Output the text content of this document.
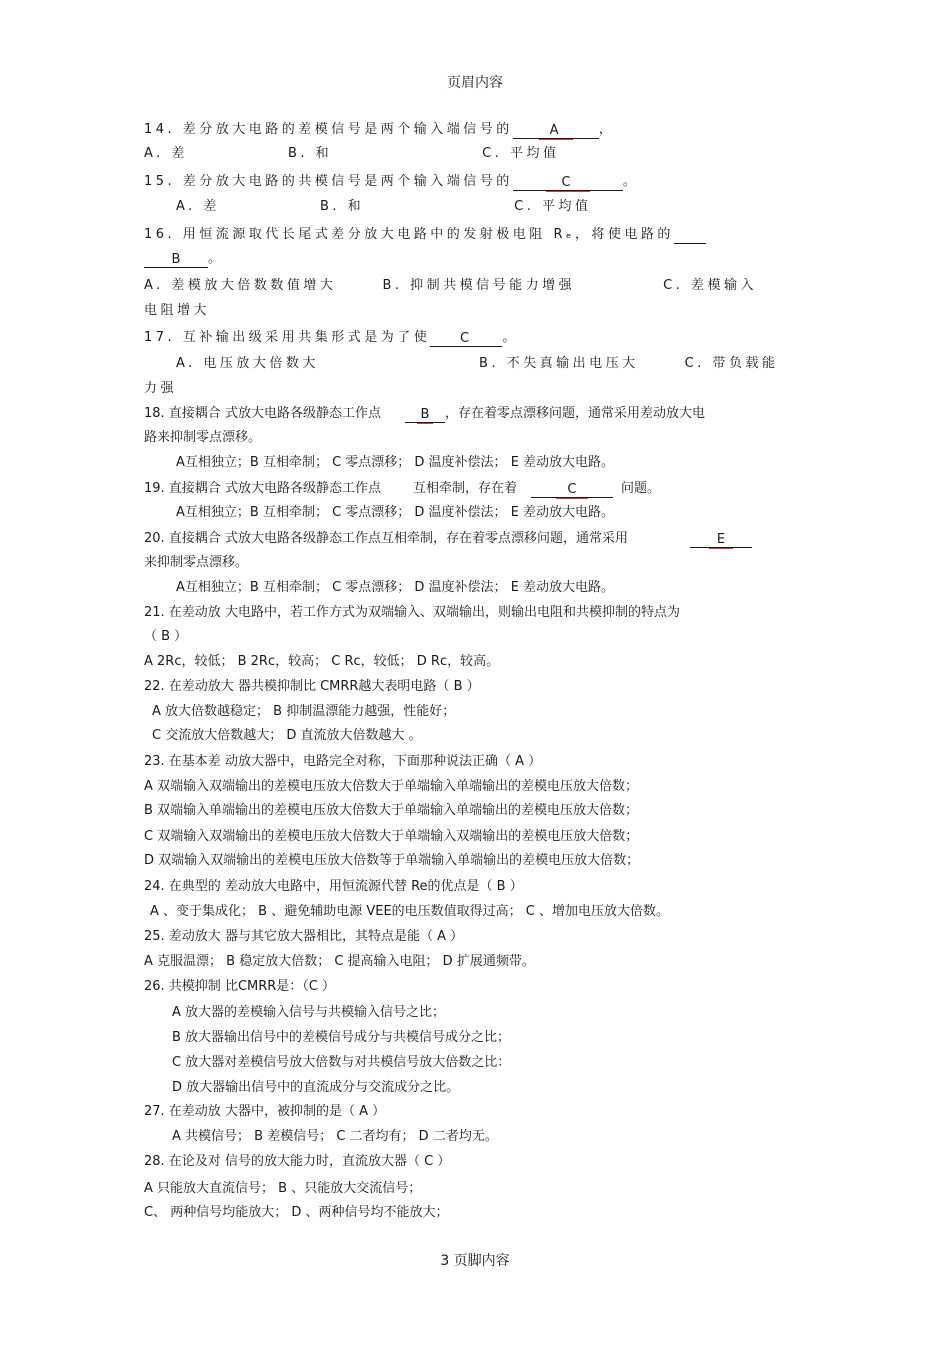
页眉内容
14. 差分放大电路的差模信号是两个输入端信号的	A	，
A. 差	B. 和	C. 平均值
15. 差分放大电路的共模信号是两个输入端信号的	C	。
A. 差	B. 和	C. 平均值
16. 用恒流源取代长尾式差分放大电路中的发射极电阻 Rₑ，将使电路的
B 。
A. 差模放大倍数数值增大	B. 抑制共模信号能力增强	C. 差模输入
电阻增大
17. 互补输出级采用共集形式是为了使 C 。
A. 电压放大倍数大	B. 不失真输出电压大	C. 带负载能
力强
18. 直接耦合 式放大电路各级静态工作点	B ，存在着零点漂移问题，通常采用差动放大电
路来抑制零点漂移。
A互相独立；B 互相牵制； C 零点漂移； D 温度补偿法； E 差动放大电路。
19. 直接耦合 式放大电路各级静态工作点 互相牵制，存在着	C	问题。
A互相独立；B 互相牵制； C 零点漂移； D 温度补偿法； E 差动放大电路。
20. 直接耦合 式放大电路各级静态工作点互相牵制，存在着零点漂移问题，通常采用	E
来抑制零点漂移。
A互相独立；B 互相牵制； C 零点漂移； D 温度补偿法； E 差动放大电路。
21. 在差动放 大电路中，若工作方式为双端输入、双端输出，则输出电阻和共模抑制的特点为
（ B ）
A 2Rc，较低； B 2Rc，较高； C Rc，较低； D Rc，较高。
22. 在差动放大 器共模抑制比 CMRR越大表明电路（ B ）
A 放大倍数越稳定； B 抑制温漂能力越强，性能好；
C 交流放大倍数越大； D 直流放大倍数越大 。
23. 在基本差 动放大器中，电路完全对称，下面那种说法正确（ A ）
A 双端输入双端输出的差模电压放大倍数大于单端输入单端输出的差模电压放大倍数；
B 双端输入单端输出的差模电压放大倍数大于单端输入单端输出的差模电压放大倍数；
C 双端输入双端输出的差模电压放大倍数大于单端输入双端输出的差模电压放大倍数；
D 双端输入双端输出的差模电压放大倍数等于单端输入单端输出的差模电压放大倍数；
24. 在典型的 差动放大电路中，用恒流源代替 Re的优点是（ B ）
A 、变于集成化； B 、避免辅助电源 VEE的电压数值取得过高； C 、增加电压放大倍数。
25. 差动放大 器与其它放大器相比，其特点是能（ A ）
A 克服温漂； B 稳定放大倍数； C 提高输入电阻； D 扩展通频带。
26. 共模抑制 比CMRR是：（C ）
A 放大器的差模输入信号与共模输入信号之比；
B 放大器输出信号中的差模信号成分与共模信号成分之比；
C 放大器对差模信号放大倍数与对共模信号放大倍数之比：
D 放大器输出信号中的直流成分与交流成分之比。
27. 在差动放 大器中，被抑制的是（ A ）
A 共模信号； B 差模信号； C 二者均有； D 二者均无。
28. 在论及对 信号的放大能力时，直流放大器（ C ）
A 只能放大直流信号； B 、只能放大交流信号；
C、 两种信号均能放大； D 、两种信号均不能放大；
3 页脚内容
